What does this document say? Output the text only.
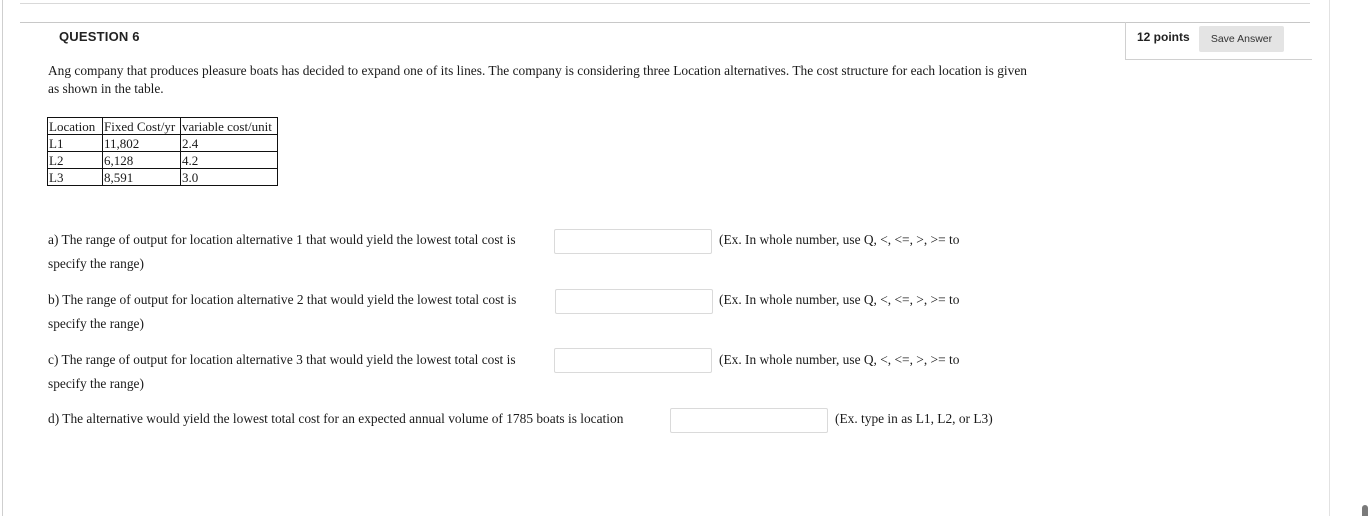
QUESTION 6	12 points	Save Answer
Ang company that produces pleasure boats has decided to expand one of its lines. The company is considering three Location alternatives. The cost structure for each location is given as shown in the table.
Location	Fixed Cost/yr	variable cost/unit
L1	11,802	2.4
L2	6,128	4.2
L3	8,591	3.0
a) The range of output for location alternative 1 that would yield the lowest total cost is	(Ex. In whole number, use Q, <, <=, >, >= to
specify the range)
b) The range of output for location alternative 2 that would yield the lowest total cost is	(Ex. In whole number, use Q, <, <=, >, >= to
specify the range)
c) The range of output for location alternative 3 that would yield the lowest total cost is	(Ex. In whole number, use Q, <, <=, >, >= to
specify the range)
d) The alternative would yield the lowest total cost for an expected annual volume of 1785 boats is location	(Ex. type in as L1, L2, or L3)
